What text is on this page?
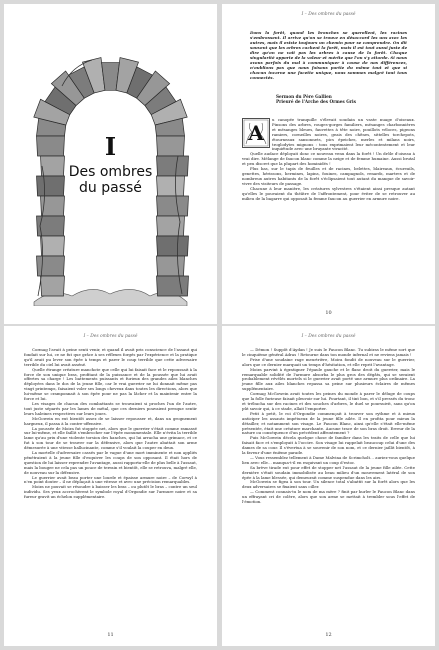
I
Des ombres
du passé
I – Des ombres du passé
Dans la forêt, quand les branches se querellent, les racines s'embrassent. Il arrive qu'on se trouve en désaccord les uns avec les autres, mais il existe toujours un chemin pour se comprendre. On dit souvent que les arbres cachent la forêt, mais il est tout aussi juste de dire qu'on ne voit pas les arbres à cause de la forêt. Chaque singularité apporte de la valeur et mérite que l'on s'y attarde. Si nous avons parfois du mal à communiquer à cause de nos différences, n'oublions pas que nous faisons partie du même tout et que si chacun incarne une facette unique, nous sommes malgré tout tous connectés.
Sermon du Père Gallien
Prieuré de l'Arche des Ormes Gris
A

u canopée tranquille s'élevait soudain un vaste nuage d'oiseaux. Pinsons des arbres, rouges-gorges familiers, mésanges charbonnières et mésanges bleues, fauvettes à tête noire, pouillots véloces, pigeons ramiers, corneilles noires, geais des chênes, sittelles torchepots, étourneaux sansonnets, pics épeiches, merles et milans noirs, troglodytes mignons : tous exprimaient leur mécontentement et leur inquiétude avec une bruyante vivacité.

Quelle audace déployait donc ce nouveau venu dans la forêt ! Un drôle d'oiseau à vrai dire. Mélange de faucon blanc comme la neige et de femme humaine. Aussi brutal et peu discret que la plupart des hominidés !

Plus bas, sur le tapis de feuilles et de racines, belettes, blaireaux, écureuils, genettes, hérissons, hermines, lapins, fouines, campagnols, renards, martres et de nombreux autres habitants de la forêt s'éclipsaient tout autant du manque de savoir-vivre des visiteurs de passage.

Chacune à leur manière, les créatures sylvestres s'étaient ainsi presque autant qu'elles le pouvaient du théâtre de l'affrontement, pour éviter de se retrouver au milieu de la bagarre qui opposait la femme faucon au guerrier en armure noire.

10
I – Des ombres du passé

Cormag l'avait à peine senti venir, et quand il avait pris conscience de l'assaut qui fondait sur lui, ce ne fut que grâce à ses réflexes forgés par l'expérience et la pratique qu'il avait pu lever son épée à temps et parer le coup terrible que cette adversaire terrible du ciel lui avait asséné.

Quelle étrange créature manchote que celle qui lui faisait face et le repoussait à la force de son unique bras, profitant de la puissance et de la poussée que lui avait offertes sa charge ! Les battements puissants et furieux des grandes ailes blanches déployées dans le dos de la jeune fille, car le vrai guerrier ne lui donnait même pas vingt printemps, faisaient voler ses longs cheveux dans toutes les directions, alors que lui-même se cramponnait à son épée pour ne pas la lâcher et la maintenir entre la force et lui.

Les visages de chacun des combattants se trouvaient si proches l'un de l'autre, tout juste séparés par les lames de métal, que ces derniers pouvaient presque sentir leurs haleines respectives sur leurs joues.

McGowein en eut bientôt assez de se laisser repousser et, dans un grognement hargneux, il passa à la contre-offensive.

La poussée de Moira fut stoppée net, alors que le guerrier s'était comme ramassé sur lui-même, et elle faillit s'embrocher sur l'épée monumentale. Elle n'évita la terrible lame qu'au prix d'une violente torsion des hanches, qui lui arracha une grimace, et ce fut à son tour de se trouver sur la défensive, alors que l'autre abattait son arme démesurée à une vitesse hallucinante, comme s'il voulait la couper en deux.

La mortelle d'adversaire cassés par le vague d'une mort imminente et non appliés pénétraient à la jeune fille d'esquiver les coups de son opposant. Il était hors de question de lui laisser reprendre l'avantage, aussi rapporta-elle de plus belle à l'assaut, mais la bougee ne cela pas un pouce de terrain et bientôt, elle se retrouva, malgré elle, de nouveau sur la défensive.

Le guerrier avait beau porter une lourde et épaisse armure noire – de Corwyl à n'en point douter – il ne déplaçait à une vitesse et avec une précision remarquables.

Moira ne pouvait se résoudre à baisser les bras – ou plutôt le bras – contre un seul individu. Ses yeux accrochèrent le symbole royal d'Orgondie sur l'armure noire et sa fureur gravit un échelon supplémentaire.

11
I – Des ombres du passé

— Démon ! Suppôt d'Aydan ! Je suis le Faucon Blanc. Tu subiras le même sort que le cinquième général Adras ! Retourne dans ton monde infernal et ne reviens jamais !

Prise d'une soudaine rage meurtrière, Moira fondit de nouveau sur le guerrier, alors que ce dernier marquait un temps d'hésitation, et elle reprit l'avantage.

Moira parvint à égratigner l'épaule gauche et le flanc droit du guerrier, mais le remarquable solidité de l'armure absorba le plus gros des dégâts, qui se seraient probablement révélés mortels si le guerrier avait porté une armure plus ordinaire. La jeune fille aux ailes blanches repassa sa peine sur plusieurs éclaires de mêmes supplémentaire.

Cormag McGowein avait toutes les peines du monde à parer le déluge de coups que la folle furieuse faisait pleuvoir sur lui. Pourtant, il tint bon, et s'il pressés du tronc et trébucha sur des racines et des souches d'arbres, le duel se poursuivit, sans qu'on pût savoir qui, à ce stade, allait l'emporter.

Petit à petit, le roi d'Orgondie commençait à trouver son rythme et à mieux anticiper les assauts impétueux de la jeune fille ailée. Il en profita pour mieux la détailler, et notamment son visage. Le Faucon Blanc, ainsi qu'elle s'était elle-même présentée, était une créature marchante. Aucune trace de son bras droit. Erreur de la nature ou conséquence d'un précédent affrontement ?

Puis McGowein décela quelque chose de familier dans les traits de celle que lui faisait face et s'employait à l'occire. Son visage lui rappelait beaucoup celui d'une des dames de sa cour. Il s'évertua à se souvenir de son nom, et ce dernier jaillit bientôt, à la faveur d'une énième parade.

— Vous ressemblez tellement à Dame Malvina de Scrimcholt… auriez-vous quelque lien avec elle… manqua-t-il en esquivant un coup d'estoc.

Sa brève tirade eut pour effet de stopper net l'assaut de la jeune fille ailée. Cette dernière s'était soudain immobilisée au beau milieu d'un mouvement latéral de son épée à la lame blessée, qui demeurait comme suspendue dans les airs.

McGowein se figea à son tour. Un silence total s'abattit sur la forêt alors que les deux adversaires se fixaient sans ciller.

— Comment connais-tu le nom de ma mère ? finit par hurler le Faucon Blanc dans un effrayant cri de colère, alors que son arme se mettait à trembler sous l'effet de l'émotion.

12
